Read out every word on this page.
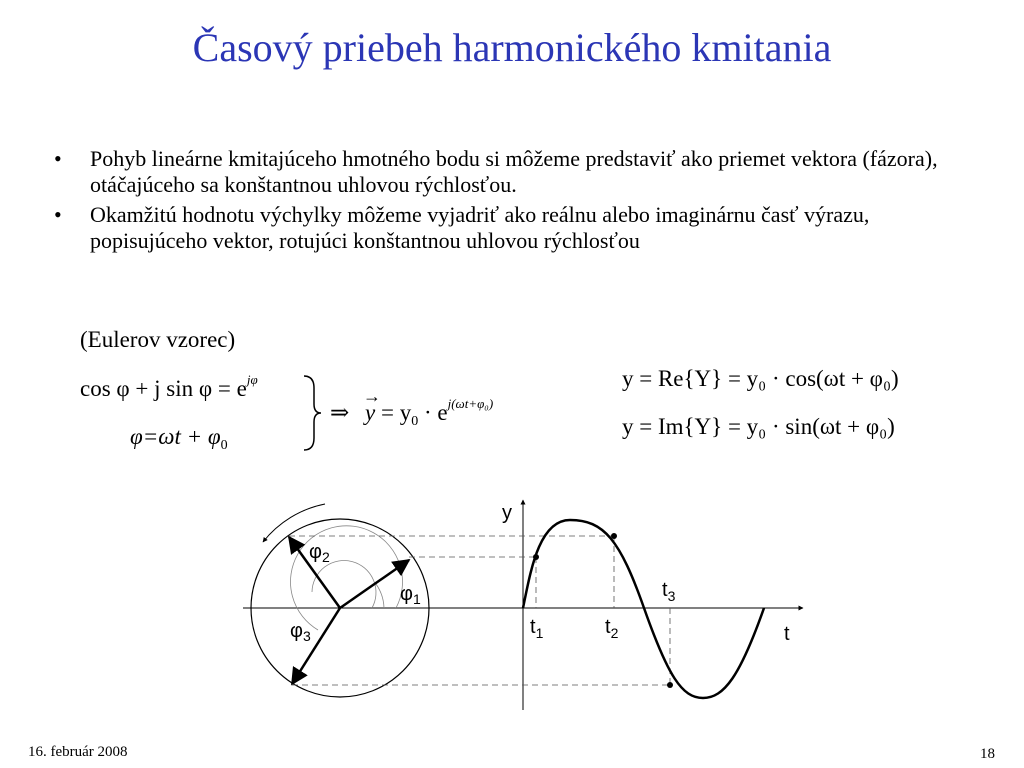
Časový priebeh harmonického kmitania
•	Pohyb lineárne kmitajúceho hmotného bodu si môžeme predstaviť ako priemet vektora (fázora), otáčajúceho sa konštantnou uhlovou rýchlosťou.
•	Okamžitú hodnotu výchylky môžeme vyjadriť ako reálnu alebo imaginárnu časť výrazu, popisujúceho vektor, rotujúci konštantnou uhlovou rýchlosťou
(Eulerov vzorec)
cos φ + j $\sin \varphi = e^{j\varphi}$
$\varphi=\omega t + \varphi_0$
⇒
→
$y = y_0 \cdot e^{j(\omega t+\varphi_0)}$
y = Re{Y} = y₀ · cos(ωt + φ₀)
y = Im{Y} = y₀ · sin(ωt + φ₀)
y
t
$\varphi_1$
$\varphi_2$
$\varphi_3$	$t_1$	$t_2$
$t_3$
16. február 2008	18
